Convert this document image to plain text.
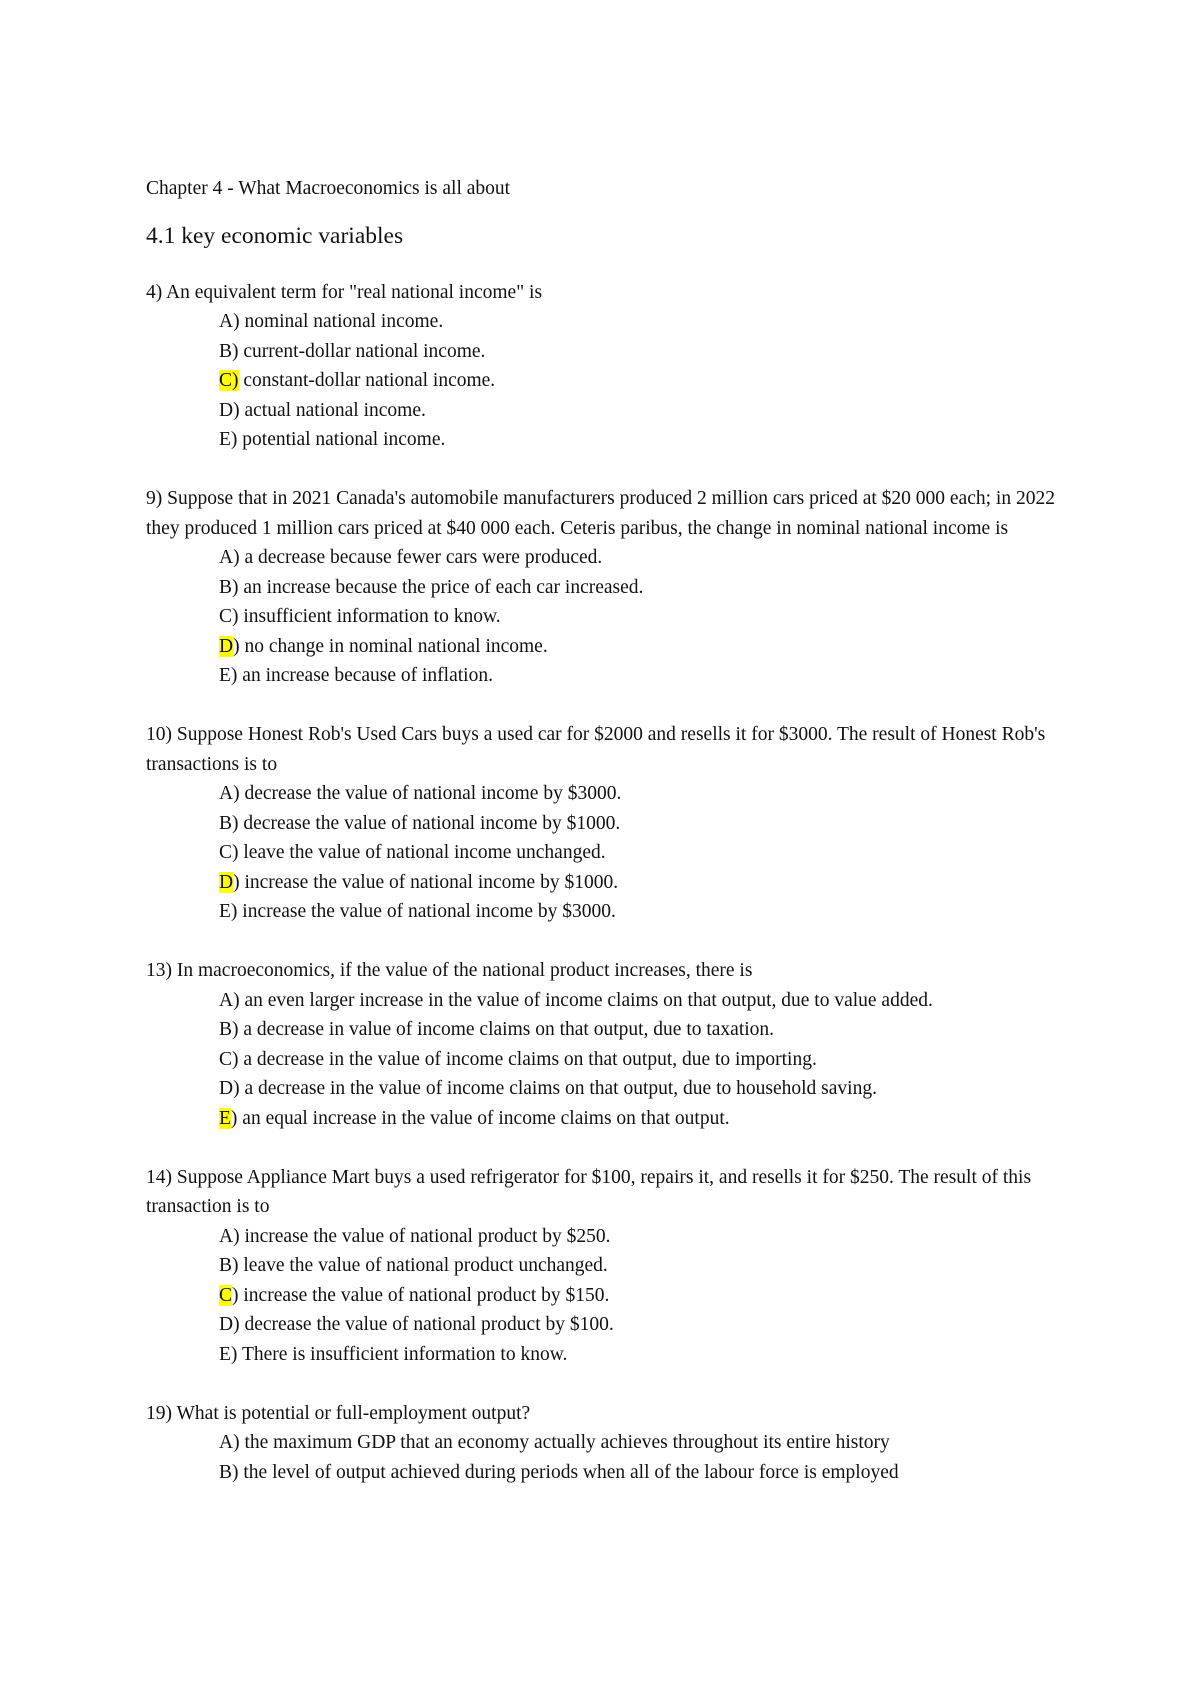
Chapter 4 - What Macroeconomics is all about
4.1 key economic variables

4) An equivalent term for "real national income" is

A) nominal national income.
B) current-dollar national income.
C) constant-dollar national income.
D) actual national income.
E) potential national income.

9) Suppose that in 2021 Canada's automobile manufacturers produced 2 million cars priced at $20 000 each; in 2022 they produced 1 million cars priced at $40 000 each. Ceteris paribus, the change in nominal national income is

A) a decrease because fewer cars were produced.
B) an increase because the price of each car increased.
C) insufficient information to know.
D) no change in nominal national income.
E) an increase because of inflation.

10) Suppose Honest Rob's Used Cars buys a used car for $2000 and resells it for $3000. The result of Honest Rob's transactions is to

A) decrease the value of national income by $3000.
B) decrease the value of national income by $1000.
C) leave the value of national income unchanged.
D) increase the value of national income by $1000.
E) increase the value of national income by $3000.

13) In macroeconomics, if the value of the national product increases, there is

A) an even larger increase in the value of income claims on that output, due to value added.
B) a decrease in value of income claims on that output, due to taxation.
C) a decrease in the value of income claims on that output, due to importing.
D) a decrease in the value of income claims on that output, due to household saving.
E) an equal increase in the value of income claims on that output.

14) Suppose Appliance Mart buys a used refrigerator for $100, repairs it, and resells it for $250. The result of this transaction is to

A) increase the value of national product by $250.
B) leave the value of national product unchanged.
C) increase the value of national product by $150.
D) decrease the value of national product by $100.
E) There is insufficient information to know.

19) What is potential or full-employment output?

A) the maximum GDP that an economy actually achieves throughout its entire history
B) the level of output achieved during periods when all of the labour force is employed
